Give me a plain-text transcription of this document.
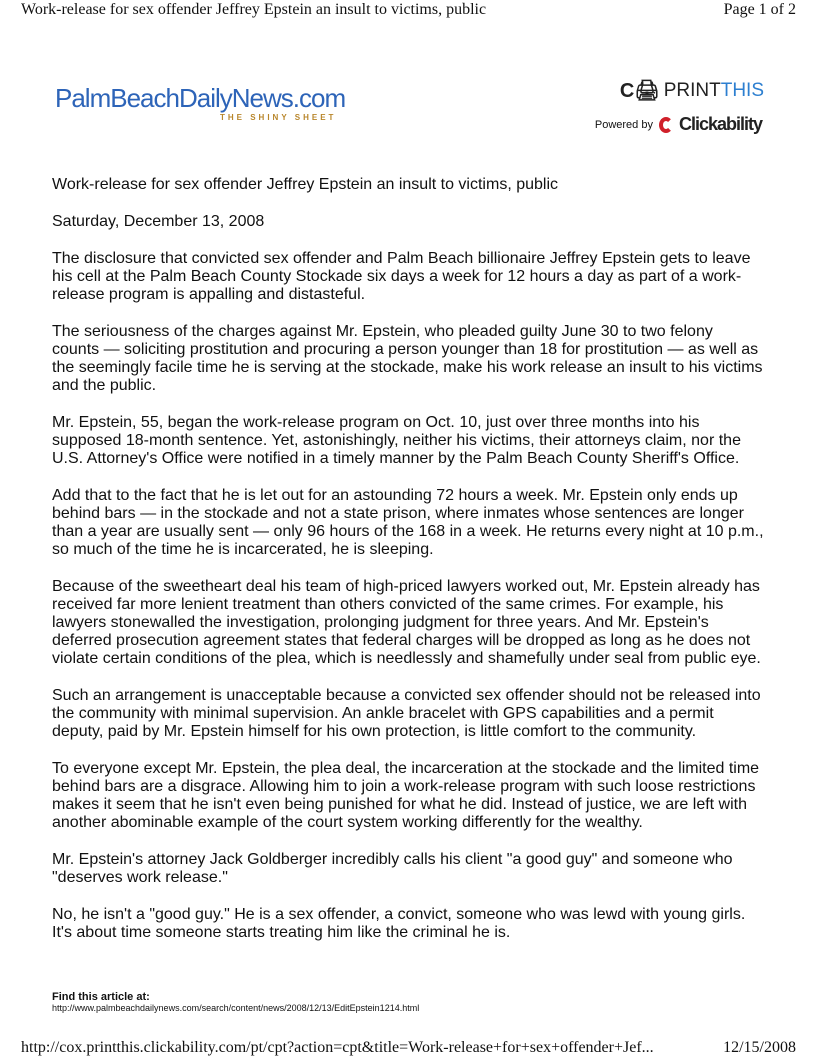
Work-release for sex offender Jeffrey Epstein an insult to victims, public	Page 1 of 2
PalmBeachDailyNews.com
THE SHINY SHEET
C🖨 PRINTTHIS
Powered by Clickability

Work-release for sex offender Jeffrey Epstein an insult to victims, public

Saturday, December 13, 2008

The disclosure that convicted sex offender and Palm Beach billionaire Jeffrey Epstein gets to leave
his cell at the Palm Beach County Stockade six days a week for 12 hours a day as part of a work-
release program is appalling and distasteful.

The seriousness of the charges against Mr. Epstein, who pleaded guilty June 30 to two felony
counts — soliciting prostitution and procuring a person younger than 18 for prostitution — as well as
the seemingly facile time he is serving at the stockade, make his work release an insult to his victims
and the public.

Mr. Epstein, 55, began the work-release program on Oct. 10, just over three months into his
supposed 18-month sentence. Yet, astonishingly, neither his victims, their attorneys claim, nor the
U.S. Attorney's Office were notified in a timely manner by the Palm Beach County Sheriff's Office.

Add that to the fact that he is let out for an astounding 72 hours a week. Mr. Epstein only ends up
behind bars — in the stockade and not a state prison, where inmates whose sentences are longer
than a year are usually sent — only 96 hours of the 168 in a week. He returns every night at 10 p.m.,
so much of the time he is incarcerated, he is sleeping.

Because of the sweetheart deal his team of high-priced lawyers worked out, Mr. Epstein already has
received far more lenient treatment than others convicted of the same crimes. For example, his
lawyers stonewalled the investigation, prolonging judgment for three years. And Mr. Epstein's
deferred prosecution agreement states that federal charges will be dropped as long as he does not
violate certain conditions of the plea, which is needlessly and shamefully under seal from public eye.

Such an arrangement is unacceptable because a convicted sex offender should not be released into
the community with minimal supervision. An ankle bracelet with GPS capabilities and a permit
deputy, paid by Mr. Epstein himself for his own protection, is little comfort to the community.

To everyone except Mr. Epstein, the plea deal, the incarceration at the stockade and the limited time
behind bars are a disgrace. Allowing him to join a work-release program with such loose restrictions
makes it seem that he isn't even being punished for what he did. Instead of justice, we are left with
another abominable example of the court system working differently for the wealthy.

Mr. Epstein's attorney Jack Goldberger incredibly calls his client "a good guy" and someone who
"deserves work release."

No, he isn't a "good guy." He is a sex offender, a convict, someone who was lewd with young girls.
It's about time someone starts treating him like the criminal he is.

Find this article at:
http://www.palmbeachdailynews.com/search/content/news/2008/12/13/EditEpstein1214.html
http://cox.printthis.clickability.com/pt/cpt?action=cpt&title=Work-release+for+sex+offender+Jef...	12/15/2008
